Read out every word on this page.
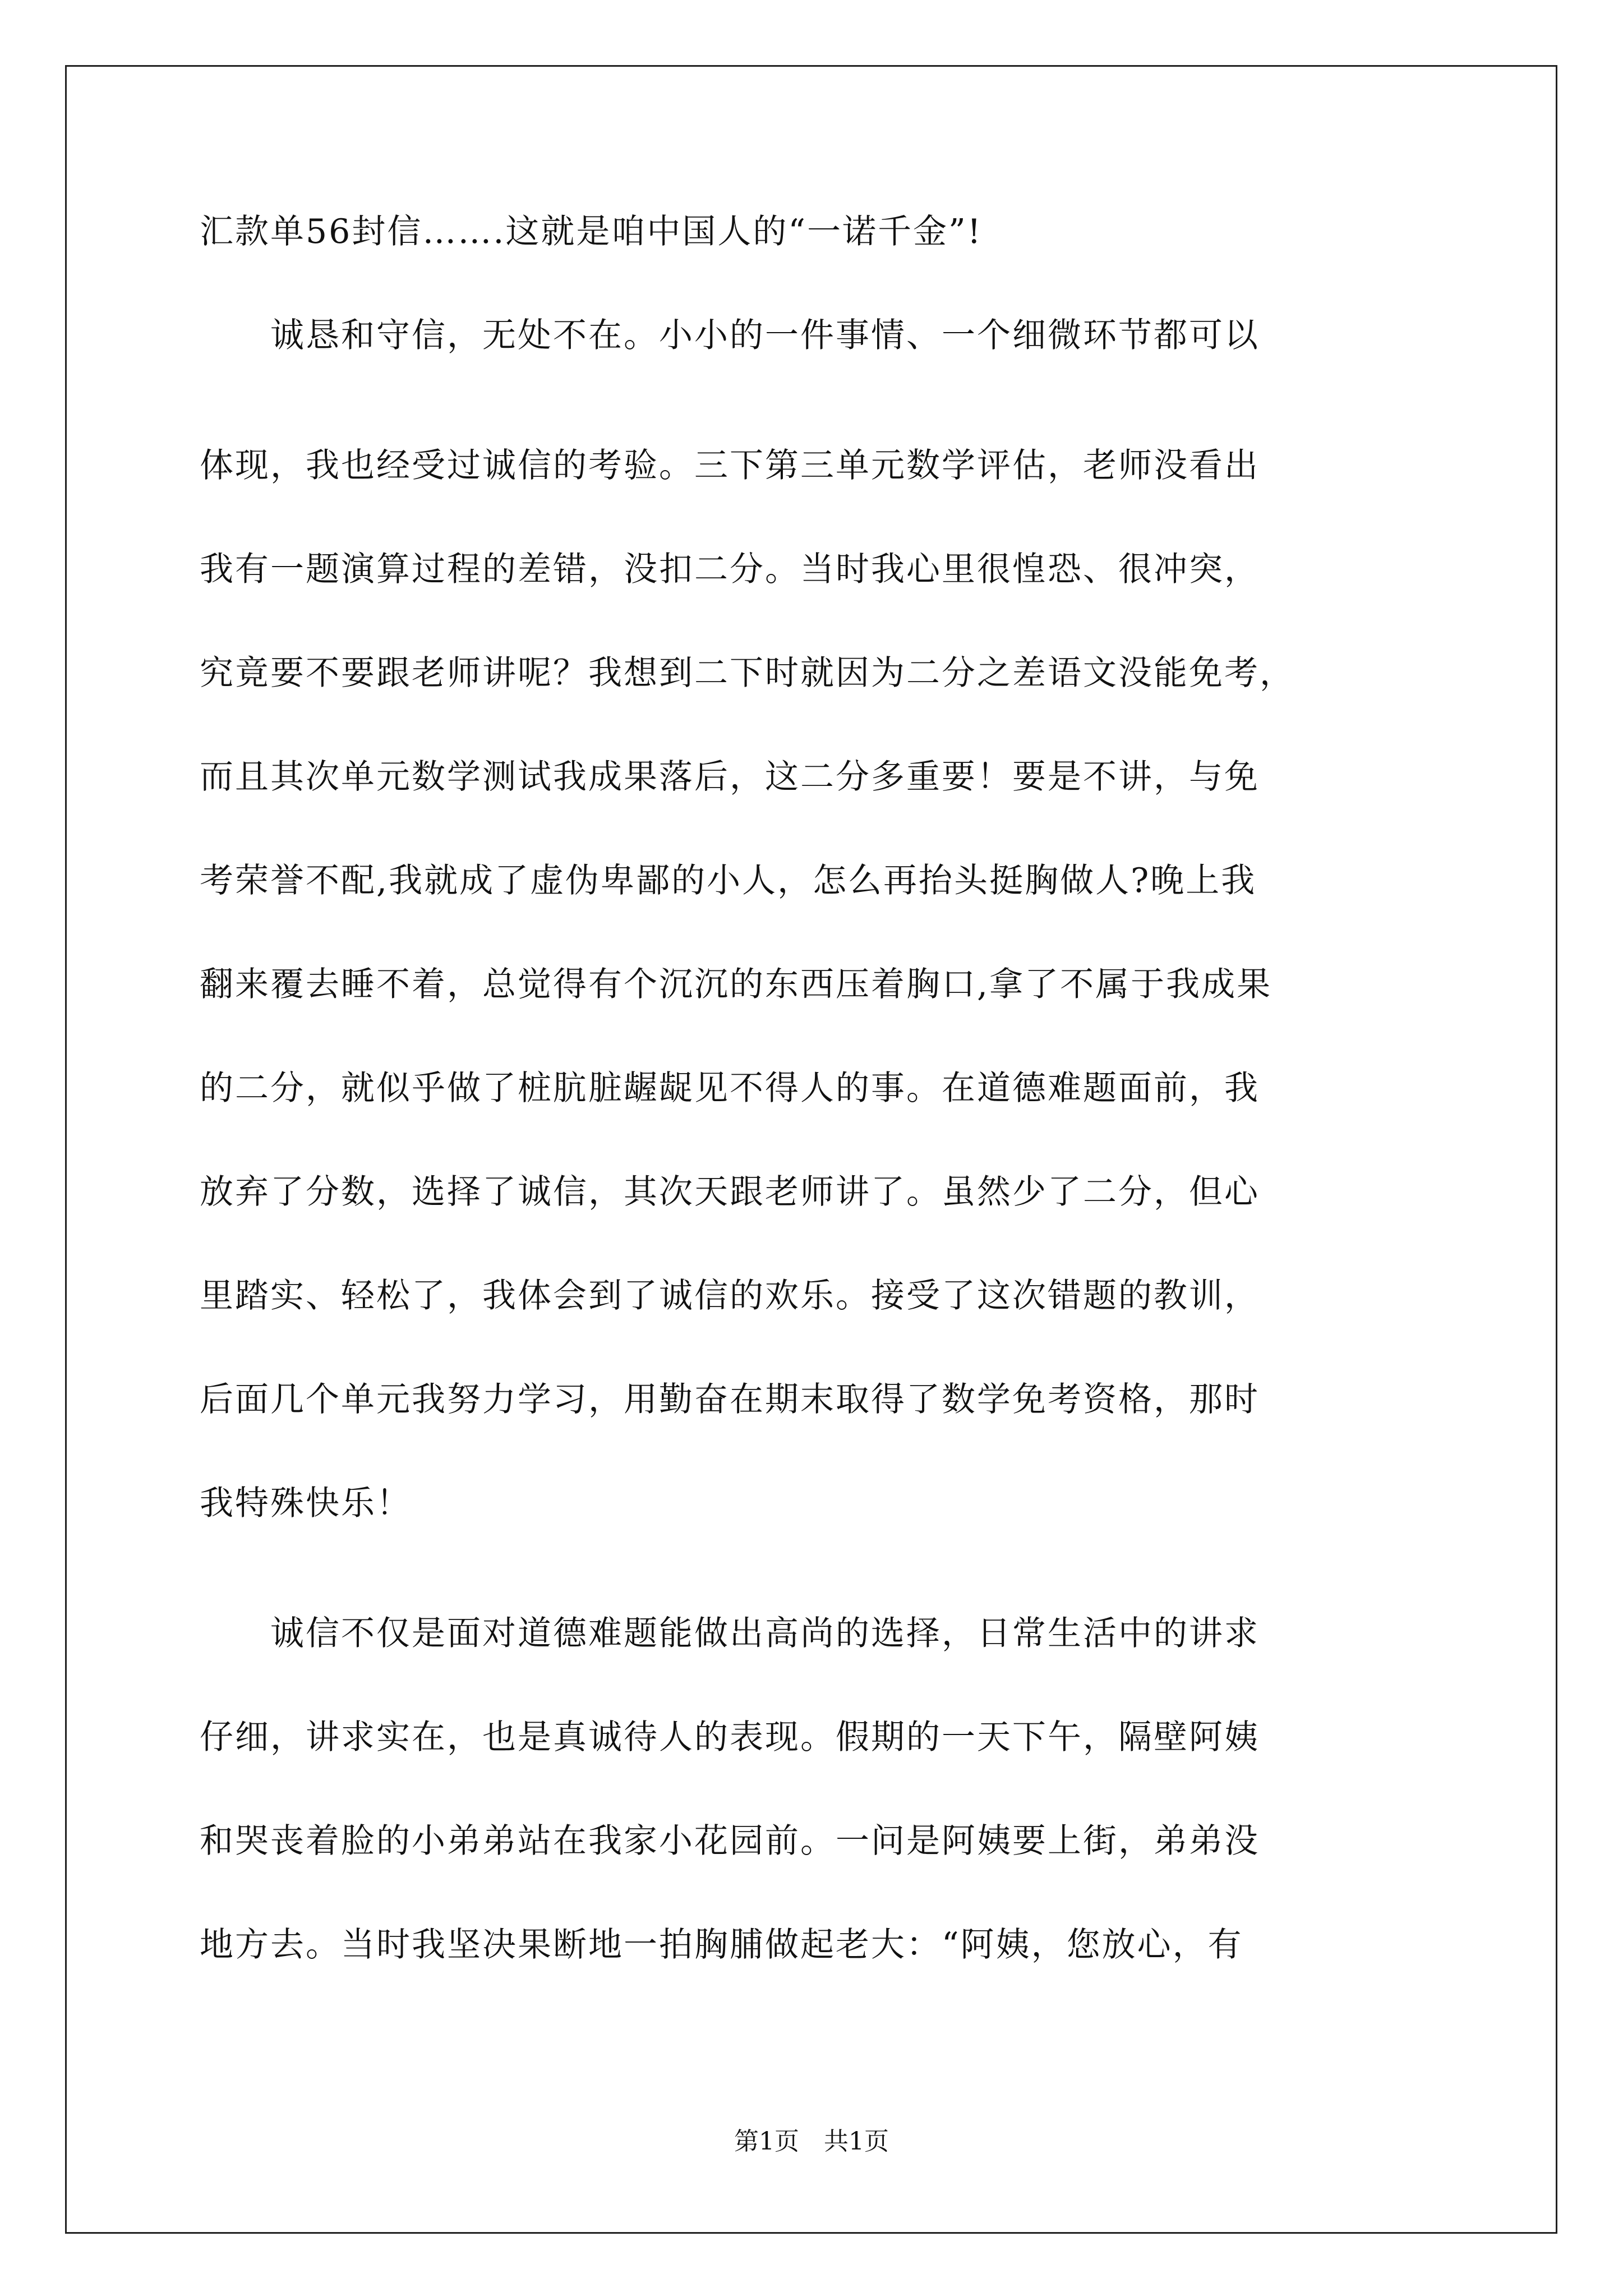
汇款单56封信…….这就是咱中国人的“一诺千金”!
　　诚恳和守信，无处不在。小小的一件事情、一个细微环节都可以
体现，我也经受过诚信的考验。三下第三单元数学评估，老师没看出
我有一题演算过程的差错，没扣二分。当时我心里很惶恐、很冲突，
究竟要不要跟老师讲呢？我想到二下时就因为二分之差语文没能免考，
而且其次单元数学测试我成果落后，这二分多重要！要是不讲，与免
考荣誉不配,我就成了虚伪卑鄙的小人，怎么再抬头挺胸做人?晚上我
翻来覆去睡不着，总觉得有个沉沉的东西压着胸口,拿了不属于我成果
的二分，就似乎做了桩肮脏龌龊见不得人的事。在道德难题面前，我
放弃了分数，选择了诚信，其次天跟老师讲了。虽然少了二分，但心
里踏实、轻松了，我体会到了诚信的欢乐。接受了这次错题的教训，
后面几个单元我努力学习，用勤奋在期末取得了数学免考资格，那时
我特殊快乐！
　　诚信不仅是面对道德难题能做出高尚的选择，日常生活中的讲求
仔细，讲求实在，也是真诚待人的表现。假期的一天下午，隔壁阿姨
和哭丧着脸的小弟弟站在我家小花园前。一问是阿姨要上街，弟弟没
地方去。当时我坚决果断地一拍胸脯做起老大：“阿姨，您放心，有
第1页　共1页
